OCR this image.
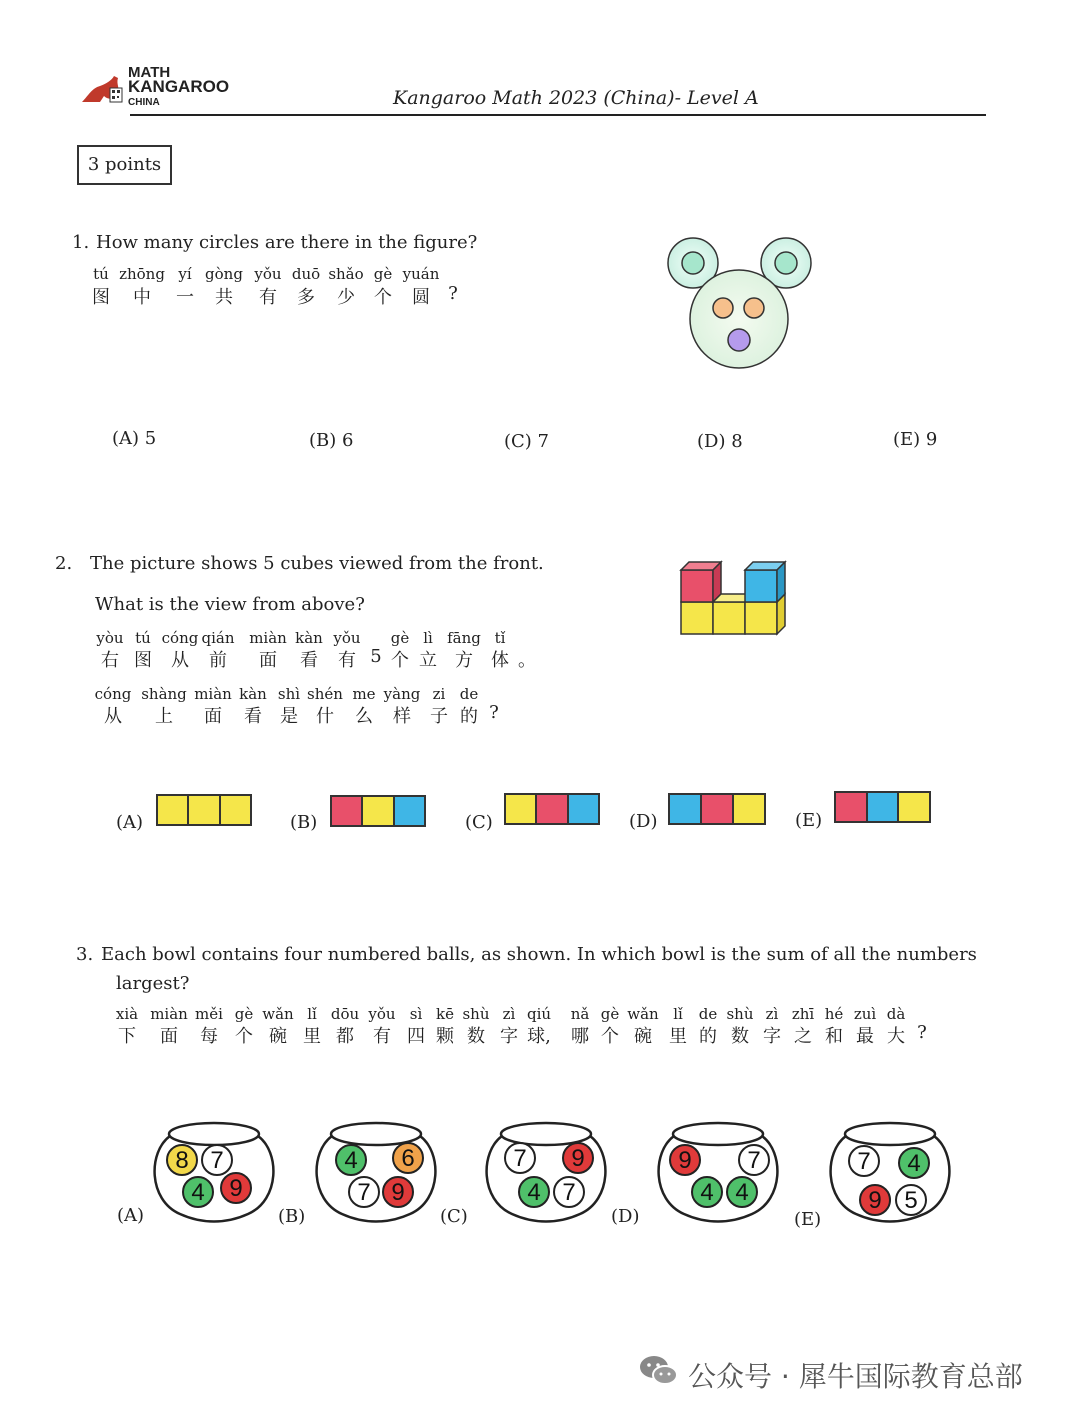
MATH
KANGAROO
CHINA	Kangaroo Math 2023 (China)- Level A
3 points
1. How many circles are there in the figure?
tú zhōng yí gòng yǒu duō shǎo gè yuán
图 中 一 共 有 多 少 个 圆 ?
(A) 5	(B) 6	(C) 7	(D) 8	(E) 9
2. The picture shows 5 cubes viewed from the front.
What is the view from above?
yòu tú cóng qián miàn kàn yǒu gè lì fāng tǐ
右 图 从 前 面 看 有 5 个 立 方 体 。
cóng shàng miàn kàn shì shén me yàng zi de
从 上 面 看 是 什 么 样 子 的 ?
(A)	(B)	(C)	(D)	(E)
3. Each bowl contains four numbered balls, as shown. In which bowl is the sum of all the numbers
largest?
xià miàn měi gè wǎn lǐ dōu yǒu sì kē shù zì qiú nǎ gè wǎn lǐ de shù zì zhī hé zuì dà
下 面 每 个 碗 里 都 有 四 颗 数 字 球, 哪 个 碗 里 的 数 字 之 和 最 大 ?
8 7
4 9
4 6
7 9
7 9
4 7
9 7
4 4
7 4
9 5
(A)	(B)	(C)	(D)	(E)
公众号 · 犀牛国际教育总部
